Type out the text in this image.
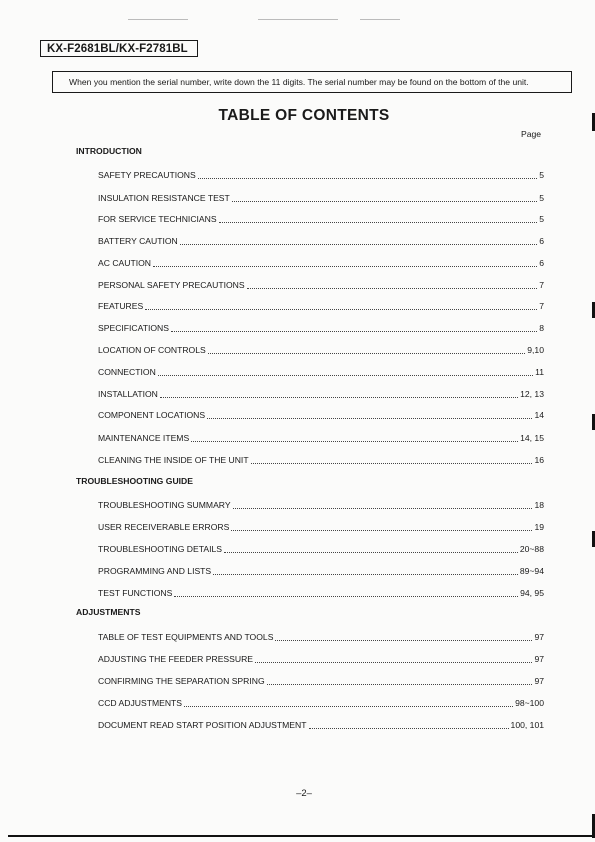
KX-F2681BL/KX-F2781BL
When you mention the serial number, write down the 11 digits. The serial number may be found on the bottom of the unit.
TABLE OF CONTENTS
Page
INTRODUCTION
SAFETY PRECAUTIONS	5
INSULATION RESISTANCE TEST	5
FOR SERVICE TECHNICIANS	5
BATTERY CAUTION	6
AC CAUTION	6
PERSONAL SAFETY PRECAUTIONS	7
FEATURES	7
SPECIFICATIONS	8
LOCATION OF CONTROLS	9,10
CONNECTION	11
INSTALLATION	12, 13
COMPONENT LOCATIONS	14
MAINTENANCE ITEMS	14, 15
CLEANING THE INSIDE OF THE UNIT	16
TROUBLESHOOTING GUIDE
TROUBLESHOOTING SUMMARY	18
USER RECEIVERABLE ERRORS	19
TROUBLESHOOTING DETAILS	20~88
PROGRAMMING AND LISTS	89~94
TEST FUNCTIONS	94, 95
ADJUSTMENTS
TABLE OF TEST EQUIPMENTS AND TOOLS	97
ADJUSTING THE FEEDER PRESSURE	97
CONFIRMING THE SEPARATION SPRING	97
CCD ADJUSTMENTS	98~100
DOCUMENT READ START POSITION ADJUSTMENT	100, 101
–2–
